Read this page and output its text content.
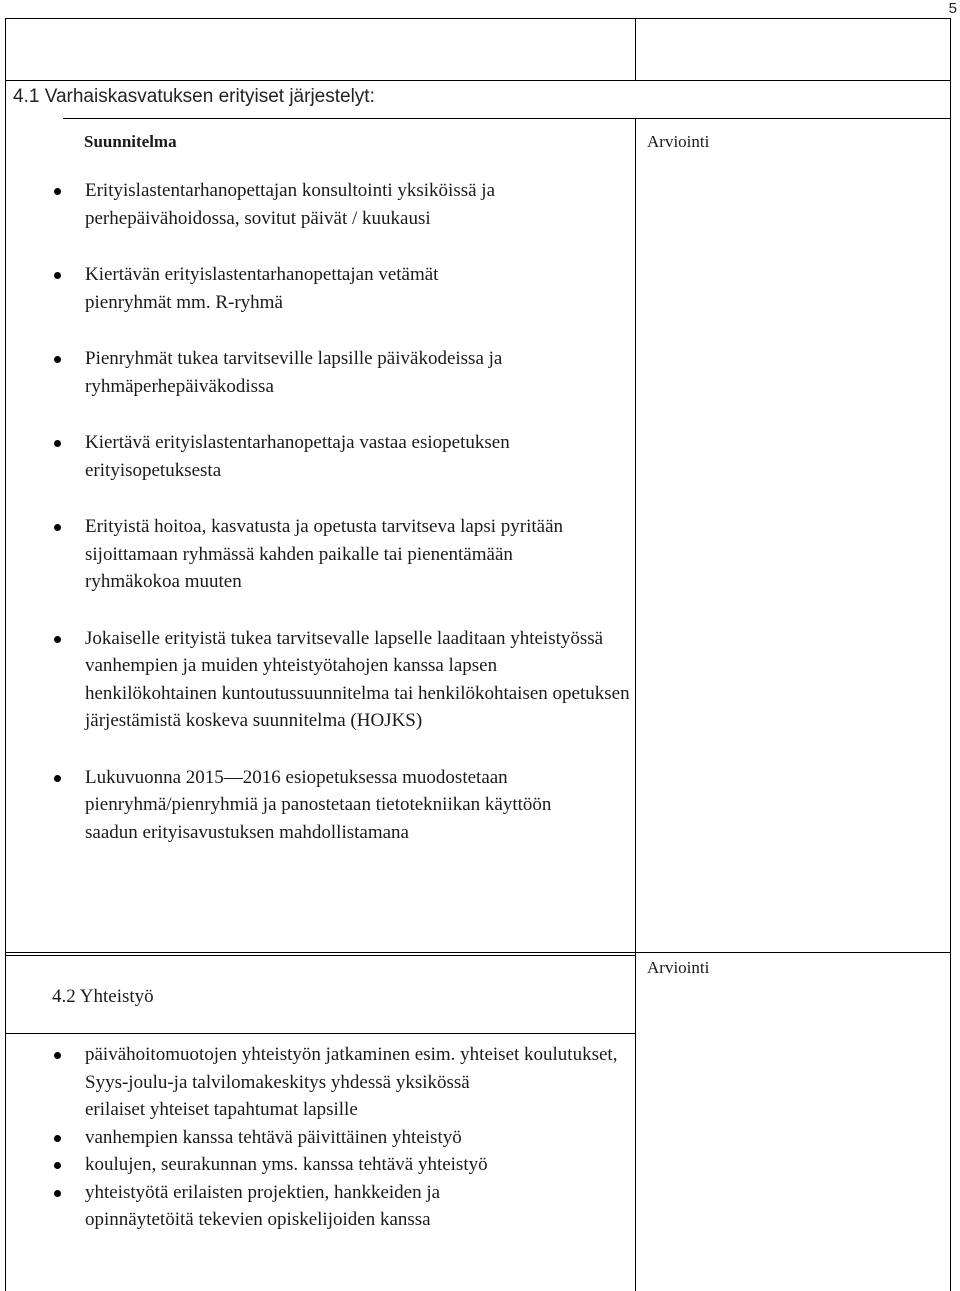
5
4.1 Varhaiskasvatuksen erityiset järjestelyt:
Suunnitelma	Arviointi
Erityislastentarhanopettajan konsultointi yksiköissä ja perhepäivähoidossa, sovitut päivät / kuukausi
Kiertävän erityislastentarhanopettajan vetämät pienryhmät mm. R-ryhmä
Pienryhmät tukea tarvitseville lapsille päiväkodeissa ja ryhmäperhepäiväkodissa
Kiertävä erityislastentarhanopettaja vastaa esiopetuksen erityisopetuksesta
Erityistä hoitoa, kasvatusta ja opetusta tarvitseva lapsi pyritään sijoittamaan ryhmässä kahden paikalle tai pienentämään ryhmäkokoa muuten
Jokaiselle erityistä tukea tarvitsevalle lapselle laaditaan yhteistyössä vanhempien ja muiden yhteistyötahojen kanssa lapsen henkilökohtainen kuntoutussuunnitelma tai henkilökohtaisen opetuksen järjestämistä koskeva suunnitelma (HOJKS)
Lukuvuonna 2015—2016 esiopetuksessa muodostetaan pienryhmä/pienryhmiä ja panostetaan tietotekniikan käyttöön saadun erityisavustuksen mahdollistamana
4.2 Yhteistyö
Arviointi
päivähoitomuotojen yhteistyön jatkaminen esim. yhteiset koulutukset,
Syys-joulu-ja talvilomakeskitys yhdessä yksikössä
erilaiset yhteiset tapahtumat lapsille
vanhempien kanssa tehtävä päivittäinen yhteistyö
koulujen, seurakunnan yms. kanssa tehtävä yhteistyö
yhteistyötä erilaisten projektien, hankkeiden ja opinnäytetöitä tekevien opiskelijoiden kanssa
